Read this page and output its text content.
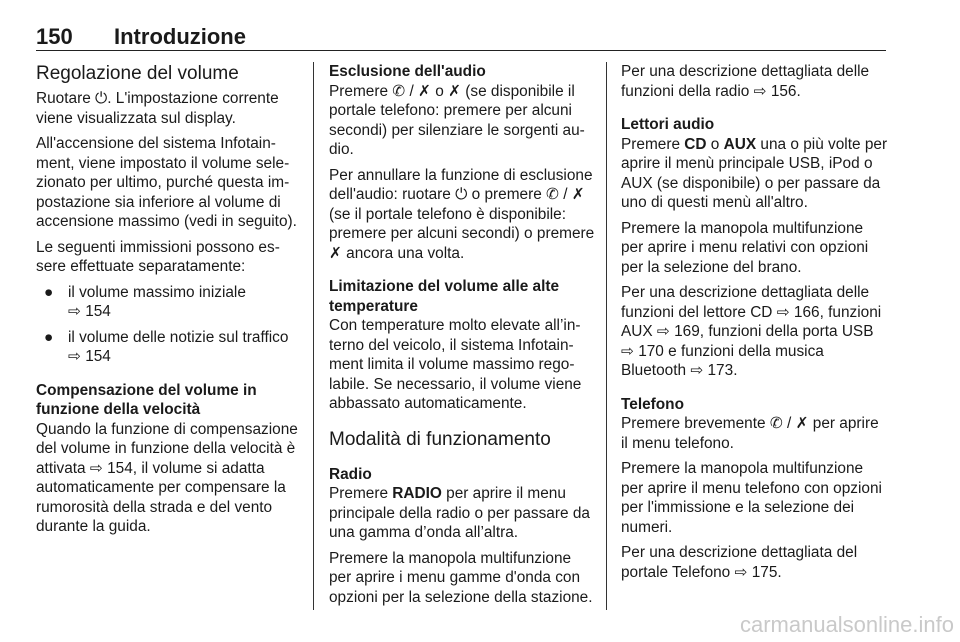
150 Introduzione
Regolazione del volume

Ruotare ⏻. L'impostazione corrente viene visualizzata sul display.

All'accensione del sistema Infotainment, viene impostato il volume selezionato per ultimo, purché questa impostazione sia inferiore al volume di accensione massimo (vedi in seguito).

Le seguenti immissioni possono essere effettuate separatamente:

● il volume massimo iniziale
⇨ 154
● il volume delle notizie sul traffico
⇨ 154
Compensazione del volume in funzione della velocità

Quando la funzione di compensazione del volume in funzione della velocità è attivata ⇨ 154, il volume si adatta automaticamente per compensare la rumorosità della strada e del vento durante la guida.

Esclusione dell'audio

Premere ✆ / ✗ o ✗ (se disponibile il portale telefono: premere per alcuni secondi) per silenziare le sorgenti audio.

Per annullare la funzione di esclusione dell'audio: ruotare ⏻ o premere ✆ / ✗ (se il portale telefono è disponibile: premere per alcuni secondi) o premere ✗ ancora una volta.

Limitazione del volume alle alte temperature

Con temperature molto elevate all’interno del veicolo, il sistema Infotainment limita il volume massimo regolabile. Se necessario, il volume viene abbassato automaticamente.

Modalità di funzionamento
Radio

Premere RADIO per aprire il menu principale della radio o per passare da una gamma d’onda all’altra.

Premere la manopola multifunzione per aprire i menu gamme d'onda con opzioni per la selezione della stazione.

Per una descrizione dettagliata delle funzioni della radio ⇨ 156.

Lettori audio

Premere CD o AUX una o più volte per aprire il menù principale USB, iPod o AUX (se disponibile) o per passare da uno di questi menù all'altro.

Premere la manopola multifunzione per aprire i menu relativi con opzioni per la selezione del brano.

Per una descrizione dettagliata delle funzioni del lettore CD ⇨ 166, funzioni AUX ⇨ 169, funzioni della porta USB ⇨ 170 e funzioni della musica Bluetooth ⇨ 173.

Telefono

Premere brevemente ✆ / ✗ per aprire il menu telefono.

Premere la manopola multifunzione per aprire il menu telefono con opzioni per l'immissione e la selezione dei numeri.

Per una descrizione dettagliata del portale Telefono ⇨ 175.

carmanualsonline.info
